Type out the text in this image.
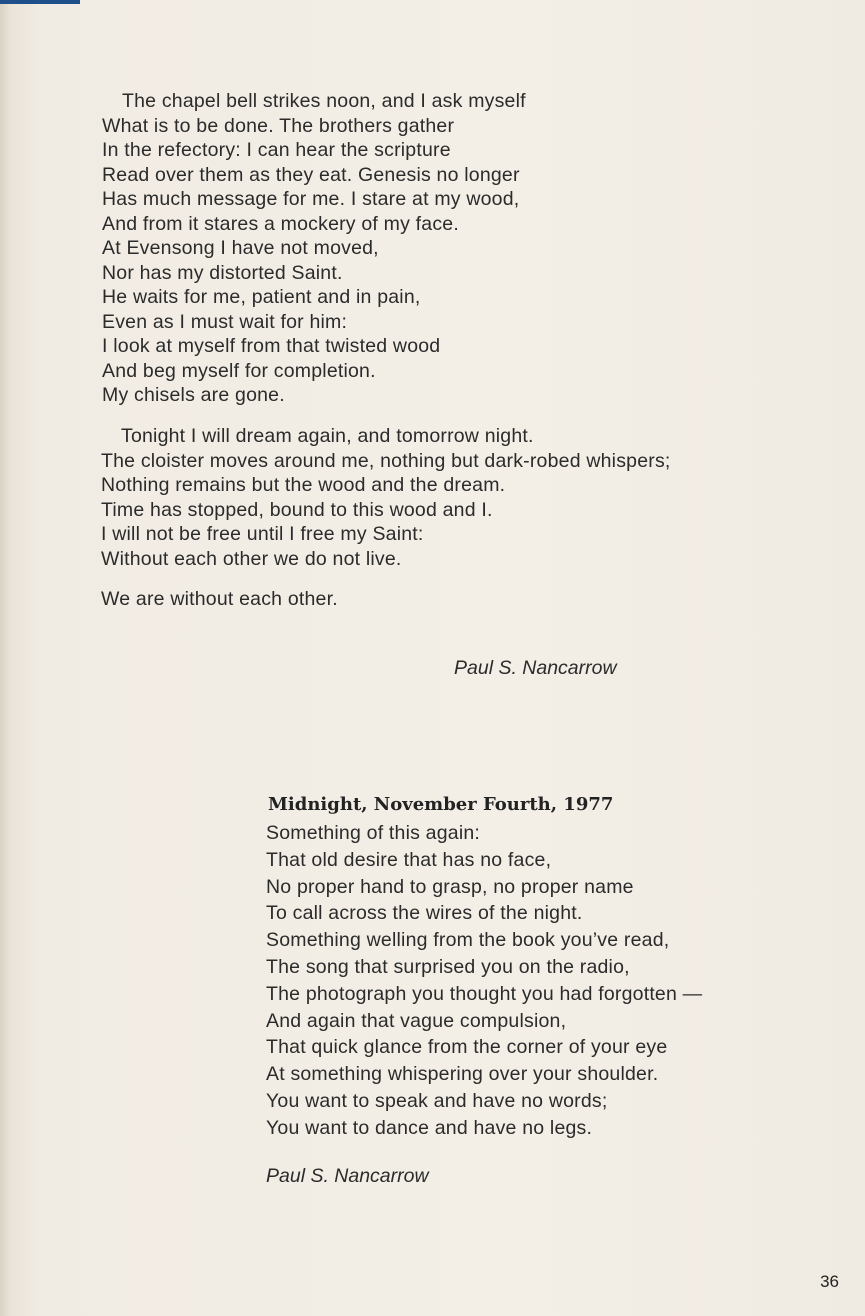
The chapel bell strikes noon, and I ask myself
What is to be done. The brothers gather
In the refectory: I can hear the scripture
Read over them as they eat. Genesis no longer
Has much message for me. I stare at my wood,
And from it stares a mockery of my face.
At Evensong I have not moved,
Nor has my distorted Saint.
He waits for me, patient and in pain,
Even as I must wait for him:
I look at myself from that twisted wood
And beg myself for completion.
My chisels are gone.

Tonight I will dream again, and tomorrow night.
The cloister moves around me, nothing but dark-robed whispers;
Nothing remains but the wood and the dream.
Time has stopped, bound to this wood and I.
I will not be free until I free my Saint:
Without each other we do not live.

We are without each other.

Paul S. Nancarrow

Midnight, November Fourth, 1977

Something of this again:
That old desire that has no face,
No proper hand to grasp, no proper name
To call across the wires of the night.
Something welling from the book you’ve read,
The song that surprised you on the radio,
The photograph you thought you had forgotten —
And again that vague compulsion,
That quick glance from the corner of your eye
At something whispering over your shoulder.
You want to speak and have no words;
You want to dance and have no legs.

Paul S. Nancarrow

36
